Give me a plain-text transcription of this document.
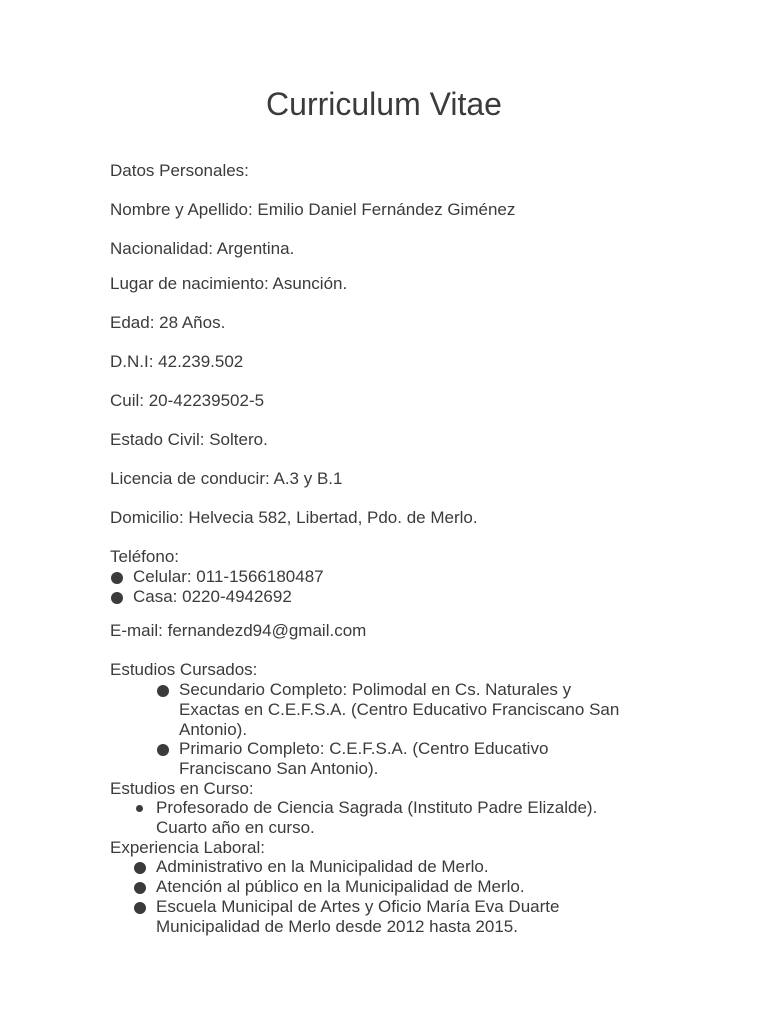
Curriculum Vitae
Datos Personales:
Nombre y Apellido: Emilio Daniel Fernández Giménez
Nacionalidad: Argentina.
Lugar de nacimiento: Asunción.
Edad: 28 Años.
D.N.I: 42.239.502
Cuil: 20-42239502-5
Estado Civil: Soltero.
Licencia de conducir: A.3 y B.1
Domicilio: Helvecia 582, Libertad, Pdo. de Merlo.
Teléfono:
Celular: 011-1566180487
Casa: 0220-4942692
E-mail: fernandezd94@gmail.com
Estudios Cursados:
Secundario Completo: Polimodal en Cs. Naturales y
Exactas en C.E.F.S.A. (Centro Educativo Franciscano San
Antonio).
Primario Completo: C.E.F.S.A. (Centro Educativo
Franciscano San Antonio).
Estudios en Curso:
Profesorado de Ciencia Sagrada (Instituto Padre Elizalde).
Cuarto año en curso.
Experiencia Laboral:
Administrativo en la Municipalidad de Merlo.
Atención al público en la Municipalidad de Merlo.
Escuela Municipal de Artes y Oficio María Eva Duarte
Municipalidad de Merlo desde 2012 hasta 2015.
